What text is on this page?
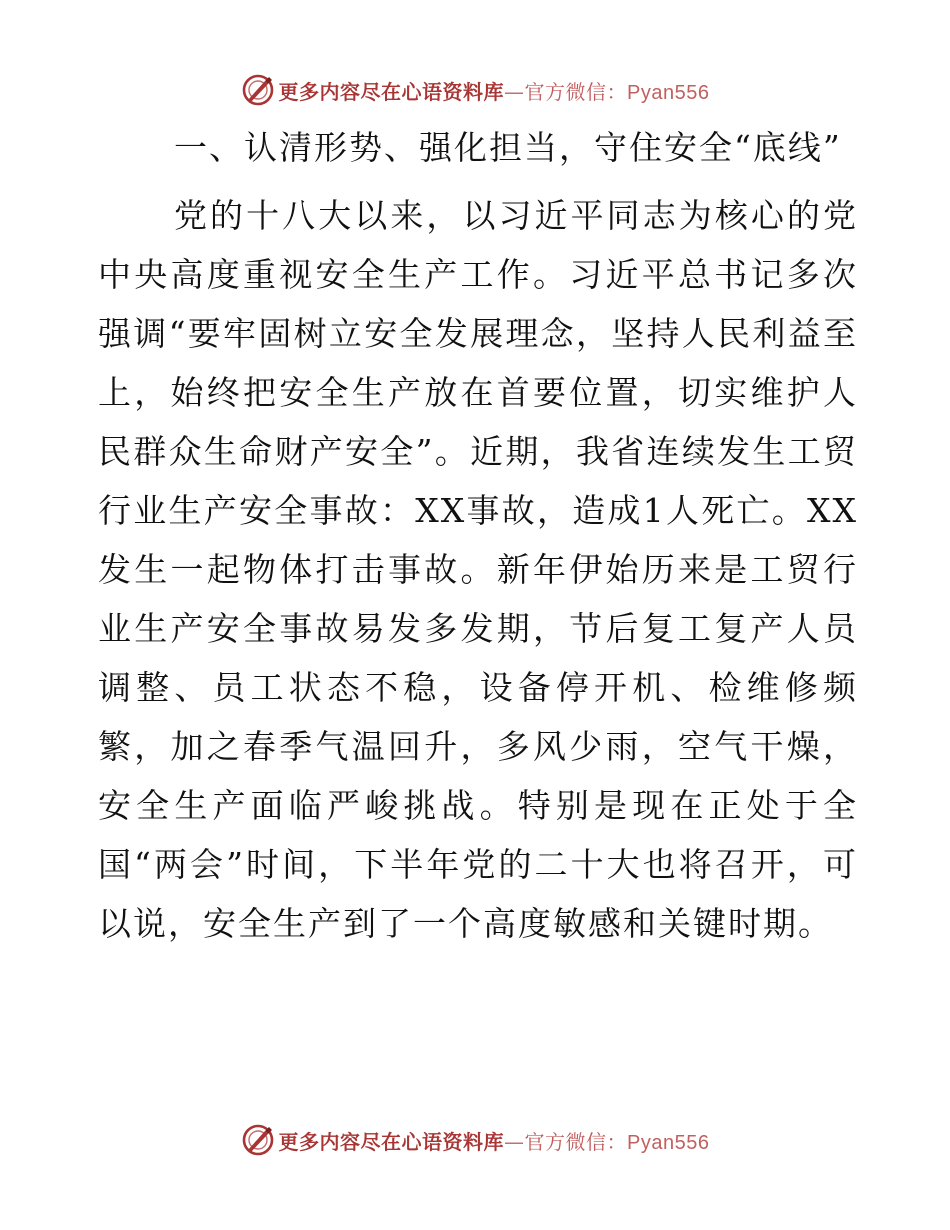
更多内容尽在心语资料库—官方微信：Pyan556

一、认清形势、强化担当，守住安全“底线”

党的十八大以来，以习近平同志为核心的党中央高度重视安全生产工作。习近平总书记多次强调“要牢固树立安全发展理念，坚持人民利益至上，始终把安全生产放在首要位置，切实维护人民群众生命财产安全”。近期，我省连续发生工贸行业生产安全事故：XX事故，造成1人死亡。XX发生一起物体打击事故。新年伊始历来是工贸行业生产安全事故易发多发期，节后复工复产人员调整、员工状态不稳，设备停开机、检维修频繁，加之春季气温回升，多风少雨，空气干燥，安全生产面临严峻挑战。特别是现在正处于全国“两会”时间，下半年党的二十大也将召开，可以说，安全生产到了一个高度敏感和关键时期。

更多内容尽在心语资料库—官方微信：Pyan556
